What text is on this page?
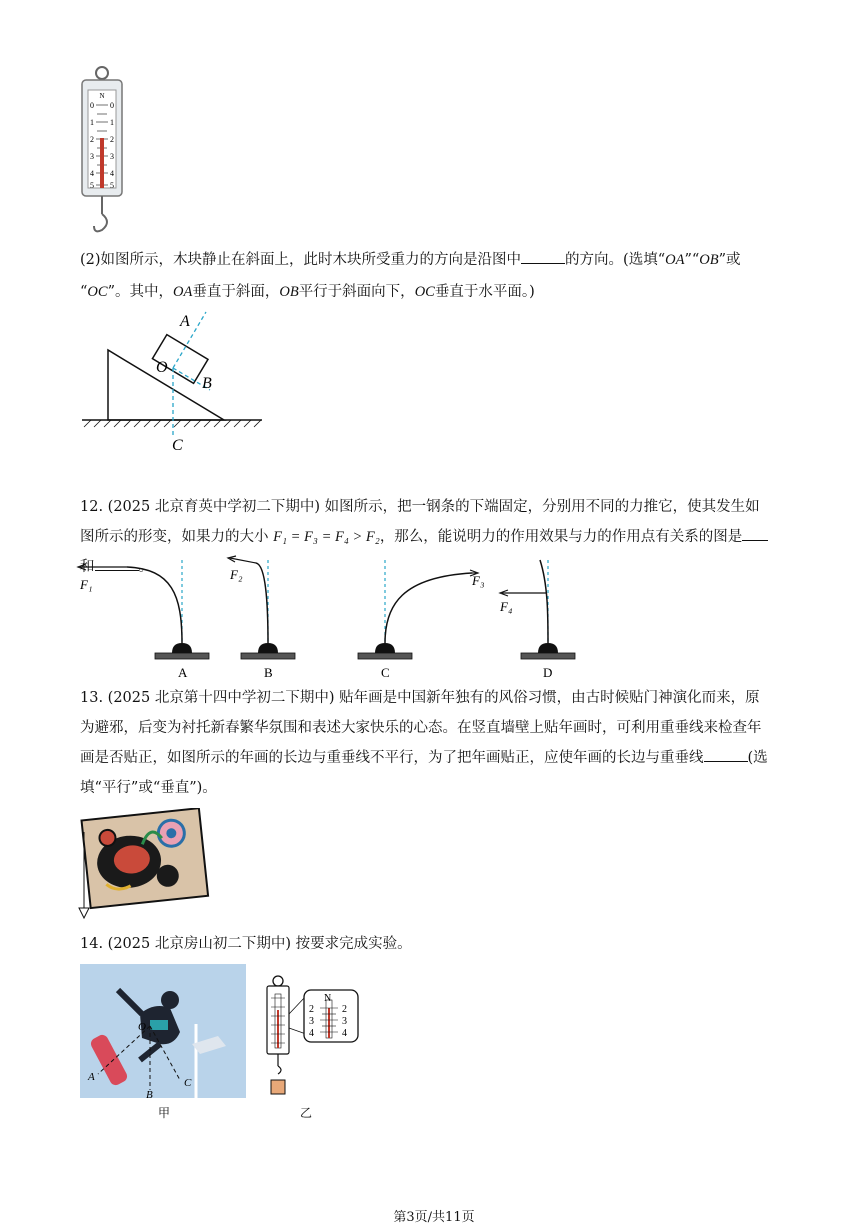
N
0
1
2
3
4
5
0
1
2
3
4
5
(2)如图所示，木块静止在斜面上，此时木块所受重力的方向是沿图中	的方向。(选填“OA”“OB”或
“OC”。其中，OA垂直于斜面，OB平行于斜面向下，OC垂直于水平面。)
A
O
B
C
12. (2025 北京育英中学初二下期中) 如图所示，把一钢条的下端固定，分别用不同的力推它，使其发生如
图所示的形变，如果力的大小 F₁ = F₃ = F₄ > F₂，那么，能说明力的作用效果与力的作用点有关系的图是
和	。
F₁
F₂	F₃
F₄
A	B	C	D
13. (2025 北京第十四中学初二下期中) 贴年画是中国新年独有的风俗习惯，由古时候贴门神演化而来，原
为避邪，后变为衬托新春繁华氛围和表述大家快乐的心态。在竖直墙壁上贴年画时，可利用重垂线来检查年
画是否贴正，如图所示的年画的长边与重垂线不平行，为了把年画贴正，应使年画的长边与重垂线	(选
填“平行”或“垂直”)。
14. (2025 北京房山初二下期中) 按要求完成实验。
O
A
B
C
甲
N
2
3
4
2
3
4
乙
第3页/共11页
